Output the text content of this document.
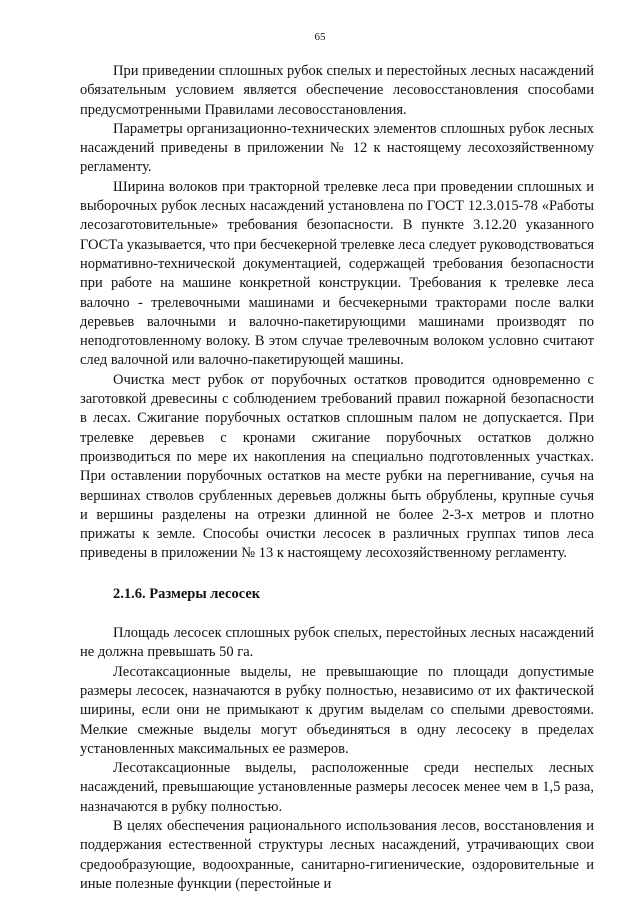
65

При приведении сплошных рубок спелых и перестойных лесных насаждений обязательным условием является обеспечение лесовосстановления способами предусмотренными Правилами лесовосстановления.

Параметры организационно-технических элементов сплошных рубок лесных насаждений приведены в приложении № 12 к настоящему лесохозяйственному регламенту.

Ширина волоков при тракторной трелевке леса при проведении сплошных и выборочных рубок лесных насаждений установлена по ГОСТ 12.3.015-78 «Работы лесозаготовительные» требования безопасности. В пункте 3.12.20 указанного ГОСТа указывается, что при бесчекерной трелевке леса следует руководствоваться нормативно-технической документацией, содержащей требования безопасности при работе на машине конкретной конструкции. Требования к трелевке леса валочно - трелевочными машинами и бесчекерными тракторами после валки деревьев валочными и валочно-пакетирующими машинами производят по неподготовленному волоку. В этом случае трелевочным волоком условно считают след валочной или валочно-пакетирующей машины.

Очистка мест рубок от порубочных остатков проводится одновременно с заготовкой древесины с соблюдением требований правил пожарной безопасности в лесах. Сжигание порубочных остатков сплошным палом не допускается. При трелевке деревьев с кронами сжигание порубочных остатков должно производиться по мере их накопления на специально подготовленных участках. При оставлении порубочных остатков на месте рубки на перегнивание, сучья на вершинах стволов срубленных деревьев должны быть обрублены, крупные сучья и вершины разделены на отрезки длинной не более 2-3-х метров и плотно прижаты к земле. Способы очистки лесосек в различных группах типов леса приведены в приложении № 13 к настоящему лесохозяйственному регламенту.

2.1.6. Размеры лесосек

Площадь лесосек сплошных рубок спелых, перестойных лесных насаждений не должна превышать 50 га.

Лесотаксационные выделы, не превышающие по площади допустимые размеры лесосек, назначаются в рубку полностью, независимо от их фактической ширины, если они не примыкают к другим выделам со спелыми древостоями. Мелкие смежные выделы могут объединяться в одну лесосеку в пределах установленных максимальных ее размеров.

Лесотаксационные выделы, расположенные среди неспелых лесных насаждений, превышающие установленные размеры лесосек менее чем в 1,5 раза, назначаются в рубку полностью.

В целях обеспечения рационального использования лесов, восстановления и поддержания естественной структуры лесных насаждений, утрачивающих свои средообразующие, водоохранные, санитарно-гигиенические, оздоровительные и иные полезные функции (перестойные и
